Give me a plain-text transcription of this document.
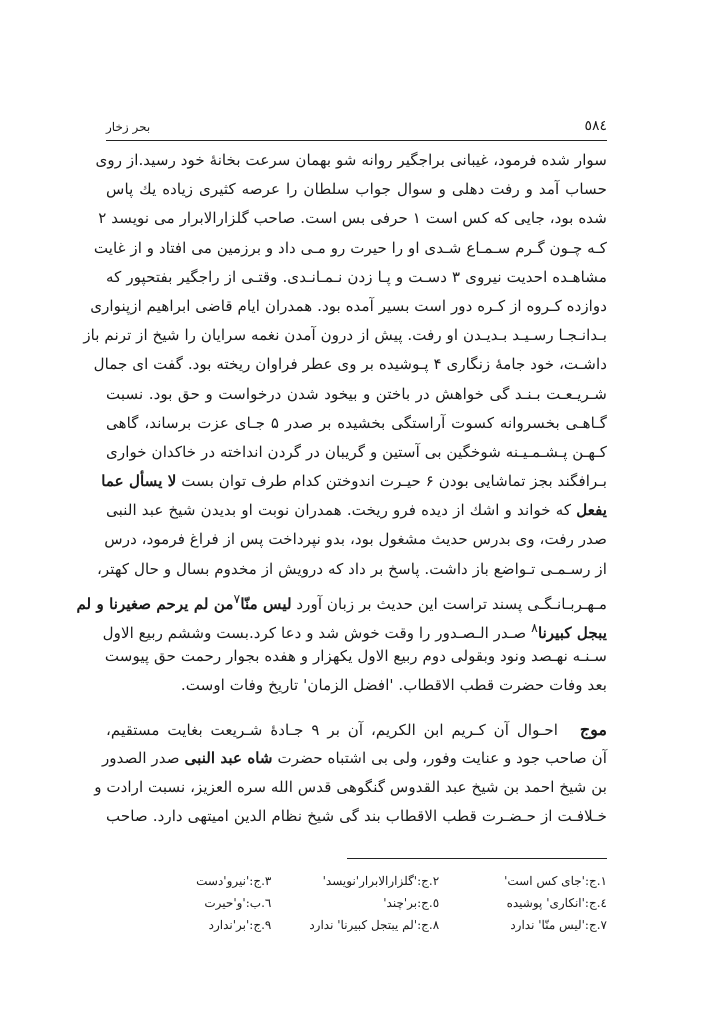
٥٨٤
بحر زخار
سوار شده فرمود، غیبانی براجگیر روانه شو بهمان سرعت بخانهٔ خود رسید.از روی
حساب آمد و رفت دهلی و سوال جواب سلطان را عرصه کثیری زیاده یك پاس
شده بود، جایی که کس است ۱ حرفی بس است. صاحب گلزارالابرار می نویسد ۲
کـه چـون گـرم سـمـاع شـدی او را حیرت رو مـی داد و برزمین می افتاد و از غایت
مشاهـده احدیت نیروی ۳ دسـت و پـا زدن نـمـانـدی. وقتـی از راجگیر بفتحپور که
دوازده کـروه از کـره دور است بسیر آمده بود. همدران ایام قاضی ابراهیم ازپنواری
بـدانـجـا رسـیـد بـدیـدن او رفت. پیش از درون آمدن نغمه سرایان را شیخ از ترنم باز
داشـت، خود جامهٔ زنگاری ۴ پـوشیده بر وی عطر فراوان ریخته بود. گفت ای جمال
شـریـعـت بـنـد گی خواهش در باختن و بیخود شدن درخواست و حق بود. نسبت
گـاهـی بخسروانه کسوت آراستگی بخشیده بر صدر ۵ جـای عزت برساند، گاهی
کـهـن پـشـمـیـنه شوخگین بی آستین و گریبان در گردن انداخته در خاکدان خواری
بـرافگند بجز تماشایی بودن ۶ حیـرت اندوختن کدام طرف توان بست لا یسأل عما
یفعل که خواند و اشك از دیده فرو ریخت. همدران نوبت او بدیدن شیخ عبد النبی
صدر رفت، وی بدرس حدیث مشغول بود، بدو نپرداخت پس از فراغ فرمود، درس
از رسـمـی تـواضع باز داشت. پاسخ بر داد که درویش از مخدوم بسال و حال کهتر،
مـهـربـانـگـی پسند تراست این حدیث بر زبان آورد لیس منّا$^۷$من لم یرحم صغیرنا و لم
یبجل کبیرنا$^۸$ صـدر الـصـدور را وقت خوش شد و دعا کرد.بست وششم ربیع الاول
سـنـه نهـصد ونود وبقولی دوم ربیع الاول یکهزار و هفده بجوار رحمت حق پیوست
بعد وفات حضرت قطب الاقطاب. 'افضل الزمان' تاریخ وفات اوست.
موج احـوال آن کـریم ابن الکریم، آن بر ۹ جـادهٔ شـریعت بغایت مستقیم،
آن صاحب جود و عنایت وفور، ولی بی اشتباه حضرت شاه عبد النبی صدر الصدور
بن شیخ احمد بن شیخ عبد القدوس گنگوهی قدس الله سره العزیز، نسبت ارادت و
خـلافـت از حـضـرت قطب الاقطاب بند گی شیخ نظام الدین امیتهی دارد. صاحب
۱.ج:'جای کس است'
۲.ج:'گلزارالابرار'نویسد'
۳.ج:'نیرو'دست
٤.ج:'انکاری' پوشیده
٥.ج:بر'چند'
٦.ب:'و'حیرت
۷.ج:'لیس منّا' ندارد
۸.ج:'لم یبتجل کبیرنا' ندارد
۹.ج:'بر'ندارد
